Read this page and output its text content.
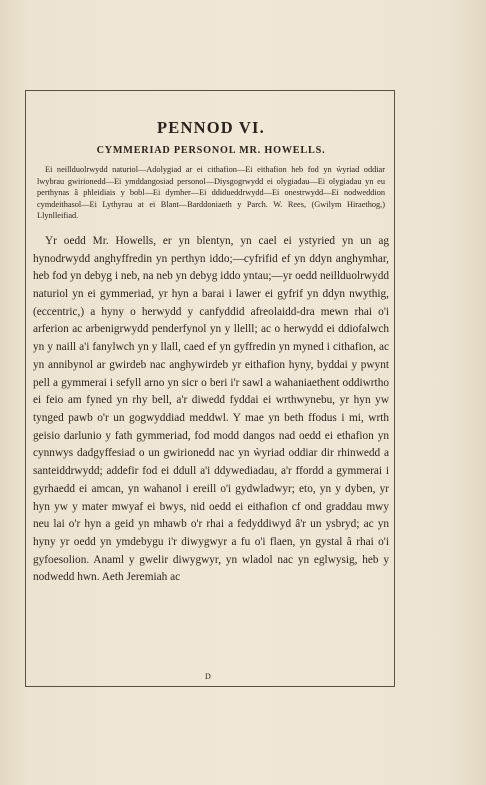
PENNOD VI.
CYMMERIAD PERSONOL MR. HOWELLS.

Ei neillduolrwydd naturiol—Adolygiad ar ei cithafion—Ei eithafion heb fod yn ẁyriad oddiar lwybrau gwirionedd—Ei ymddangosiad personol—Diysgogrwydd ei olygiadau—Ei olygiadau yn eu perthynas â phleidiais y bobl—Ei dymher—Ei ddidueddrwydd—Ei onestrwydd—Ei nodweddion cymdeithasol—Ei Lythyrau at ei Blant—Barddoniaeth y Parch. W. Rees, (Gwilym Hiraethog,) Llynlleifiad.

Yr oedd Mr. Howells, er yn blentyn, yn cael ei ystyried yn un ag hynodrwydd anghyffredin yn perthyn iddo;—cyfrifid ef yn ddyn anghymhar, heb fod yn debyg i neb, na neb yn debyg iddo yntau;—yr oedd neillduolrwydd naturiol yn ei gymmeriad, yr hyn a barai i lawer ei gyfrif yn ddyn nwythig, (eccentric,) a hyny o herwydd y canfyddid afreolaidd-dra mewn rhai o'i arferion ac arbenigrwydd penderfynol yn y llelll; ac o herwydd ei ddiofalwch yn y naill a'i fanylwch yn y llall, caed ef yn gyffredin yn myned i cithafion, ac yn annibynol ar gwirdeb nac anghywirdeb yr eithafion hyny, byddai y pwynt pell a gymmerai i sefyll arno yn sicr o beri i'r sawl a wahaniaethent oddiwrtho ei feio am fyned yn rhy bell, a'r diwedd fyddai ei wrthwynebu, yr hyn yw tynged pawb o'r un gogwyddiad meddwl. Y mae yn beth ffodus i mi, wrth geisio darlunio y fath gymmeriad, fod modd dangos nad oedd ei ethafion yn cynnwys dadgyffesiad o un gwirionedd nac yn ẁyriad oddiar dir rhinwedd a santeiddrwydd; addefir fod ei ddull a'i ddywediadau, a'r ffordd a gymmerai i gyrhaedd ei amcan, yn wahanol i ereill o'i gydwladwyr; eto, yn y dyben, yr hyn yw y mater mwyaf ei bwys, nid oedd ei eithafion cf ond graddau mwy neu lai o'r hyn a geid yn mhawb o'r rhai a fedyddiwyd â'r un ysbryd; ac yn hyny yr oedd yn ymdebygu i'r diwygwyr a fu o'i flaen, yn gystal â rhai o'i gyfoesolion. Anaml y gwelir diwygwyr, yn wladol nac yn eglwysig, heb y nodwedd hwn. Aeth Jeremiah ac

D
